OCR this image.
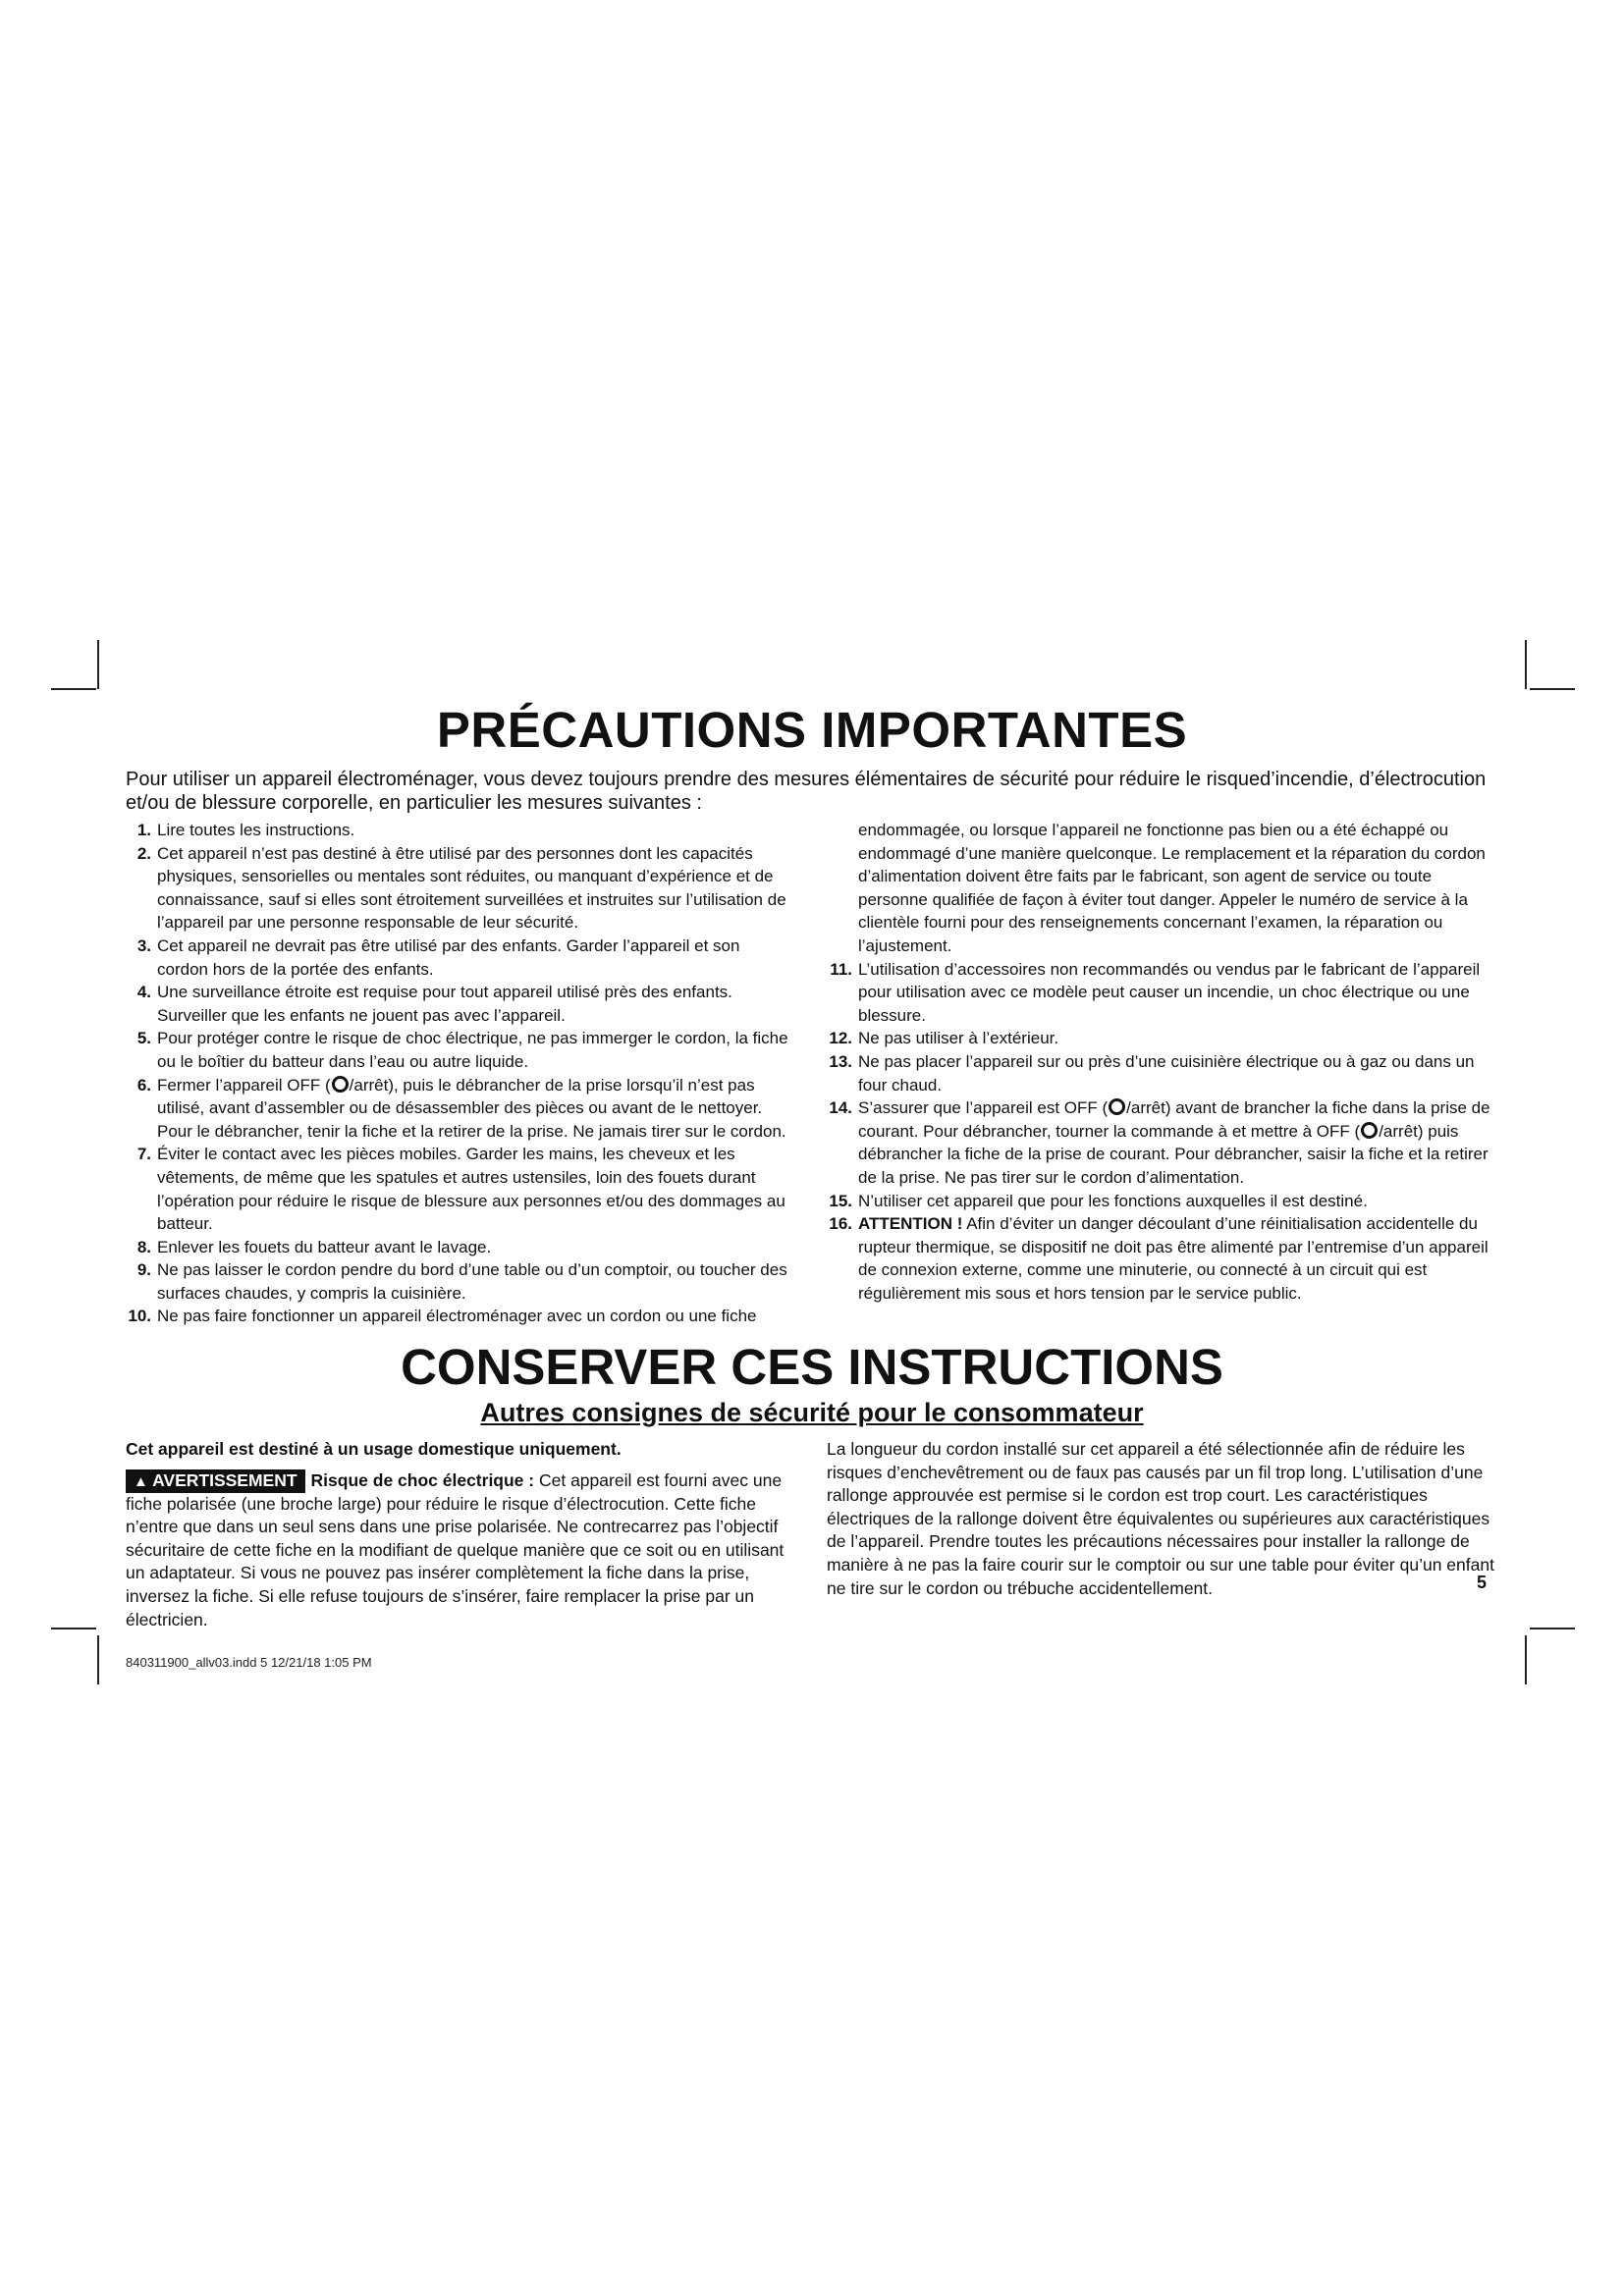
PRÉCAUTIONS IMPORTANTES

Pour utiliser un appareil électroménager, vous devez toujours prendre des mesures élémentaires de sécurité pour réduire le risqued’incendie, d’électrocution et/ou de blessure corporelle, en particulier les mesures suivantes :

1. Lire toutes les instructions.
2. Cet appareil n’est pas destiné à être utilisé par des personnes dont les capacités physiques, sensorielles ou mentales sont réduites, ou manquant d’expérience et de connaissance, sauf si elles sont étroitement surveillées et instruites sur l’utilisation de l’appareil par une personne responsable de leur sécurité.
3. Cet appareil ne devrait pas être utilisé par des enfants. Garder l’appareil et son cordon hors de la portée des enfants.
4. Une surveillance étroite est requise pour tout appareil utilisé près des enfants. Surveiller que les enfants ne jouent pas avec l’appareil.
5. Pour protéger contre le risque de choc électrique, ne pas immerger le cordon, la fiche ou le boîtier du batteur dans l’eau ou autre liquide.
6. Fermer l’appareil OFF ( /arrêt), puis le débrancher de la prise lorsqu’il n’est pas utilisé, avant d’assembler ou de désassembler des pièces ou avant de le nettoyer. Pour le débrancher, tenir la fiche et la retirer de la prise. Ne jamais tirer sur le cordon.
7. Éviter le contact avec les pièces mobiles. Garder les mains, les cheveux et les vêtements, de même que les spatules et autres ustensiles, loin des fouets durant l’opération pour réduire le risque de blessure aux personnes et/ou des dommages au batteur.
8. Enlever les fouets du batteur avant le lavage.
9. Ne pas laisser le cordon pendre du bord d’une table ou d’un comptoir, ou toucher des surfaces chaudes, y compris la cuisinière.
10. Ne pas faire fonctionner un appareil électroménager avec un cordon ou une fiche
endommagée, ou lorsque l’appareil ne fonctionne pas bien ou a été échappé ou endommagé d’une manière quelconque. Le remplacement et la réparation du cordon d’alimentation doivent être faits par le fabricant, son agent de service ou toute personne qualifiée de façon à éviter tout danger. Appeler le numéro de service à la clientèle fourni pour des renseignements concernant l’examen, la réparation ou l’ajustement.
11. L’utilisation d’accessoires non recommandés ou vendus par le fabricant de l’appareil pour utilisation avec ce modèle peut causer un incendie, un choc électrique ou une blessure.
12. Ne pas utiliser à l’extérieur.
13. Ne pas placer l’appareil sur ou près d’une cuisinière électrique ou à gaz ou dans un four chaud.
14. S’assurer que l’appareil est OFF ( /arrêt) avant de brancher la fiche dans la prise de courant. Pour débrancher, tourner la commande à et mettre à OFF ( /arrêt) puis débrancher la fiche de la prise de courant. Pour débrancher, saisir la fiche et la retirer de la prise. Ne pas tirer sur le cordon d’alimentation.
15. N’utiliser cet appareil que pour les fonctions auxquelles il est destiné.
16. ATTENTION ! Afin d’éviter un danger découlant d’une réinitialisation accidentelle du rupteur thermique, se dispositif ne doit pas être alimenté par l’entremise d’un appareil de connexion externe, comme une minuterie, ou connecté à un circuit qui est régulièrement mis sous et hors tension par le service public.
CONSERVER CES INSTRUCTIONS
Autres consignes de sécurité pour le consommateur

Cet appareil est destiné à un usage domestique uniquement.

▲ AVERTISSEMENT Risque de choc électrique : Cet appareil est fourni avec une fiche polarisée (une broche large) pour réduire le risque d’électrocution. Cette fiche n’entre que dans un seul sens dans une prise polarisée. Ne contrecarrez pas l’objectif sécuritaire de cette fiche en la modifiant de quelque manière que ce soit ou en utilisant un adaptateur. Si vous ne pouvez pas insérer complètement la fiche dans la prise, inversez la fiche. Si elle refuse toujours de s’insérer, faire remplacer la prise par un électricien.

La longueur du cordon installé sur cet appareil a été sélectionnée afin de réduire les risques d’enchevêtrement ou de faux pas causés par un fil trop long. L’utilisation d’une rallonge approuvée est permise si le cordon est trop court. Les caractéristiques électriques de la rallonge doivent être équivalentes ou supérieures aux caractéristiques de l’appareil. Prendre toutes les précautions nécessaires pour installer la rallonge de manière à ne pas la faire courir sur le comptoir ou sur une table pour éviter qu’un enfant ne tire sur le cordon ou trébuche accidentellement.	5
840311900_allv03.indd 5 12/21/18 1:05 PM
